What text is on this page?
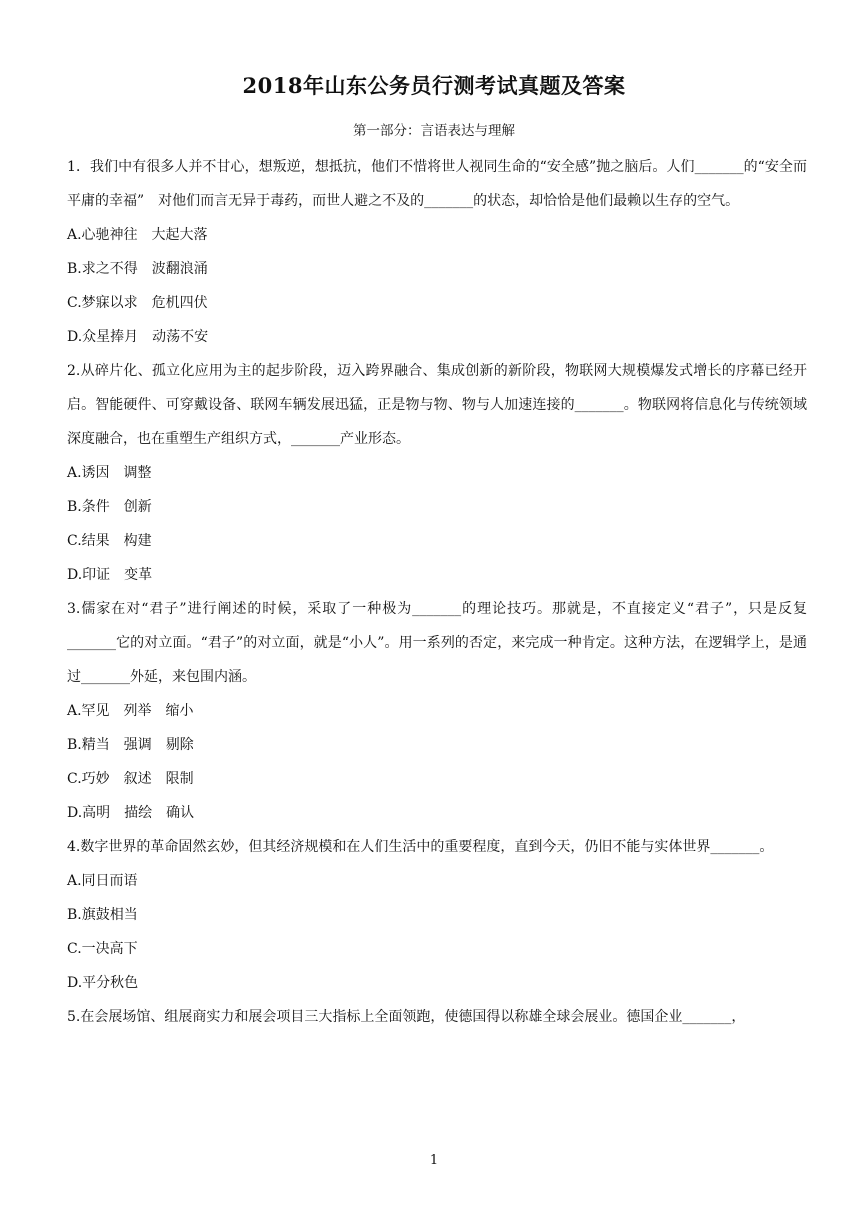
2018年山东公务员行测考试真题及答案

第一部分：言语表达与理解

1．我们中有很多人并不甘心，想叛逆，想抵抗，他们不惜将世人视同生命的“安全感”抛之脑后。人们_______的“安全而平庸的幸福”　对他们而言无异于毒药，而世人避之不及的_______的状态，却恰恰是他们最赖以生存的空气。

A.心驰神往　大起大落

B.求之不得　波翻浪涌

C.梦寐以求　危机四伏

D.众星捧月　动荡不安

2.从碎片化、孤立化应用为主的起步阶段，迈入跨界融合、集成创新的新阶段，物联网大规模爆发式增长的序幕已经开启。智能硬件、可穿戴设备、联网车辆发展迅猛，正是物与物、物与人加速连接的_______。物联网将信息化与传统领域深度融合，也在重塑生产组织方式，_______产业形态。

A.诱因　调整

B.条件　创新

C.结果　构建

D.印证　变革

3.儒家在对“君子”进行阐述的时候，采取了一种极为_______的理论技巧。那就是，不直接定义“君子”，只是反复_______它的对立面。“君子”的对立面，就是“小人”。用一系列的否定，来完成一种肯定。这种方法，在逻辑学上，是通过_______外延，来包围内涵。

A.罕见　列举　缩小

B.精当　强调　剔除

C.巧妙　叙述　限制

D.高明　描绘　确认

4.数字世界的革命固然玄妙，但其经济规模和在人们生活中的重要程度，直到今天，仍旧不能与实体世界_______。

A.同日而语

B.旗鼓相当

C.一决高下

D.平分秋色

5.在会展场馆、组展商实力和展会项目三大指标上全面领跑，使德国得以称雄全球会展业。德国企业_______，

1
